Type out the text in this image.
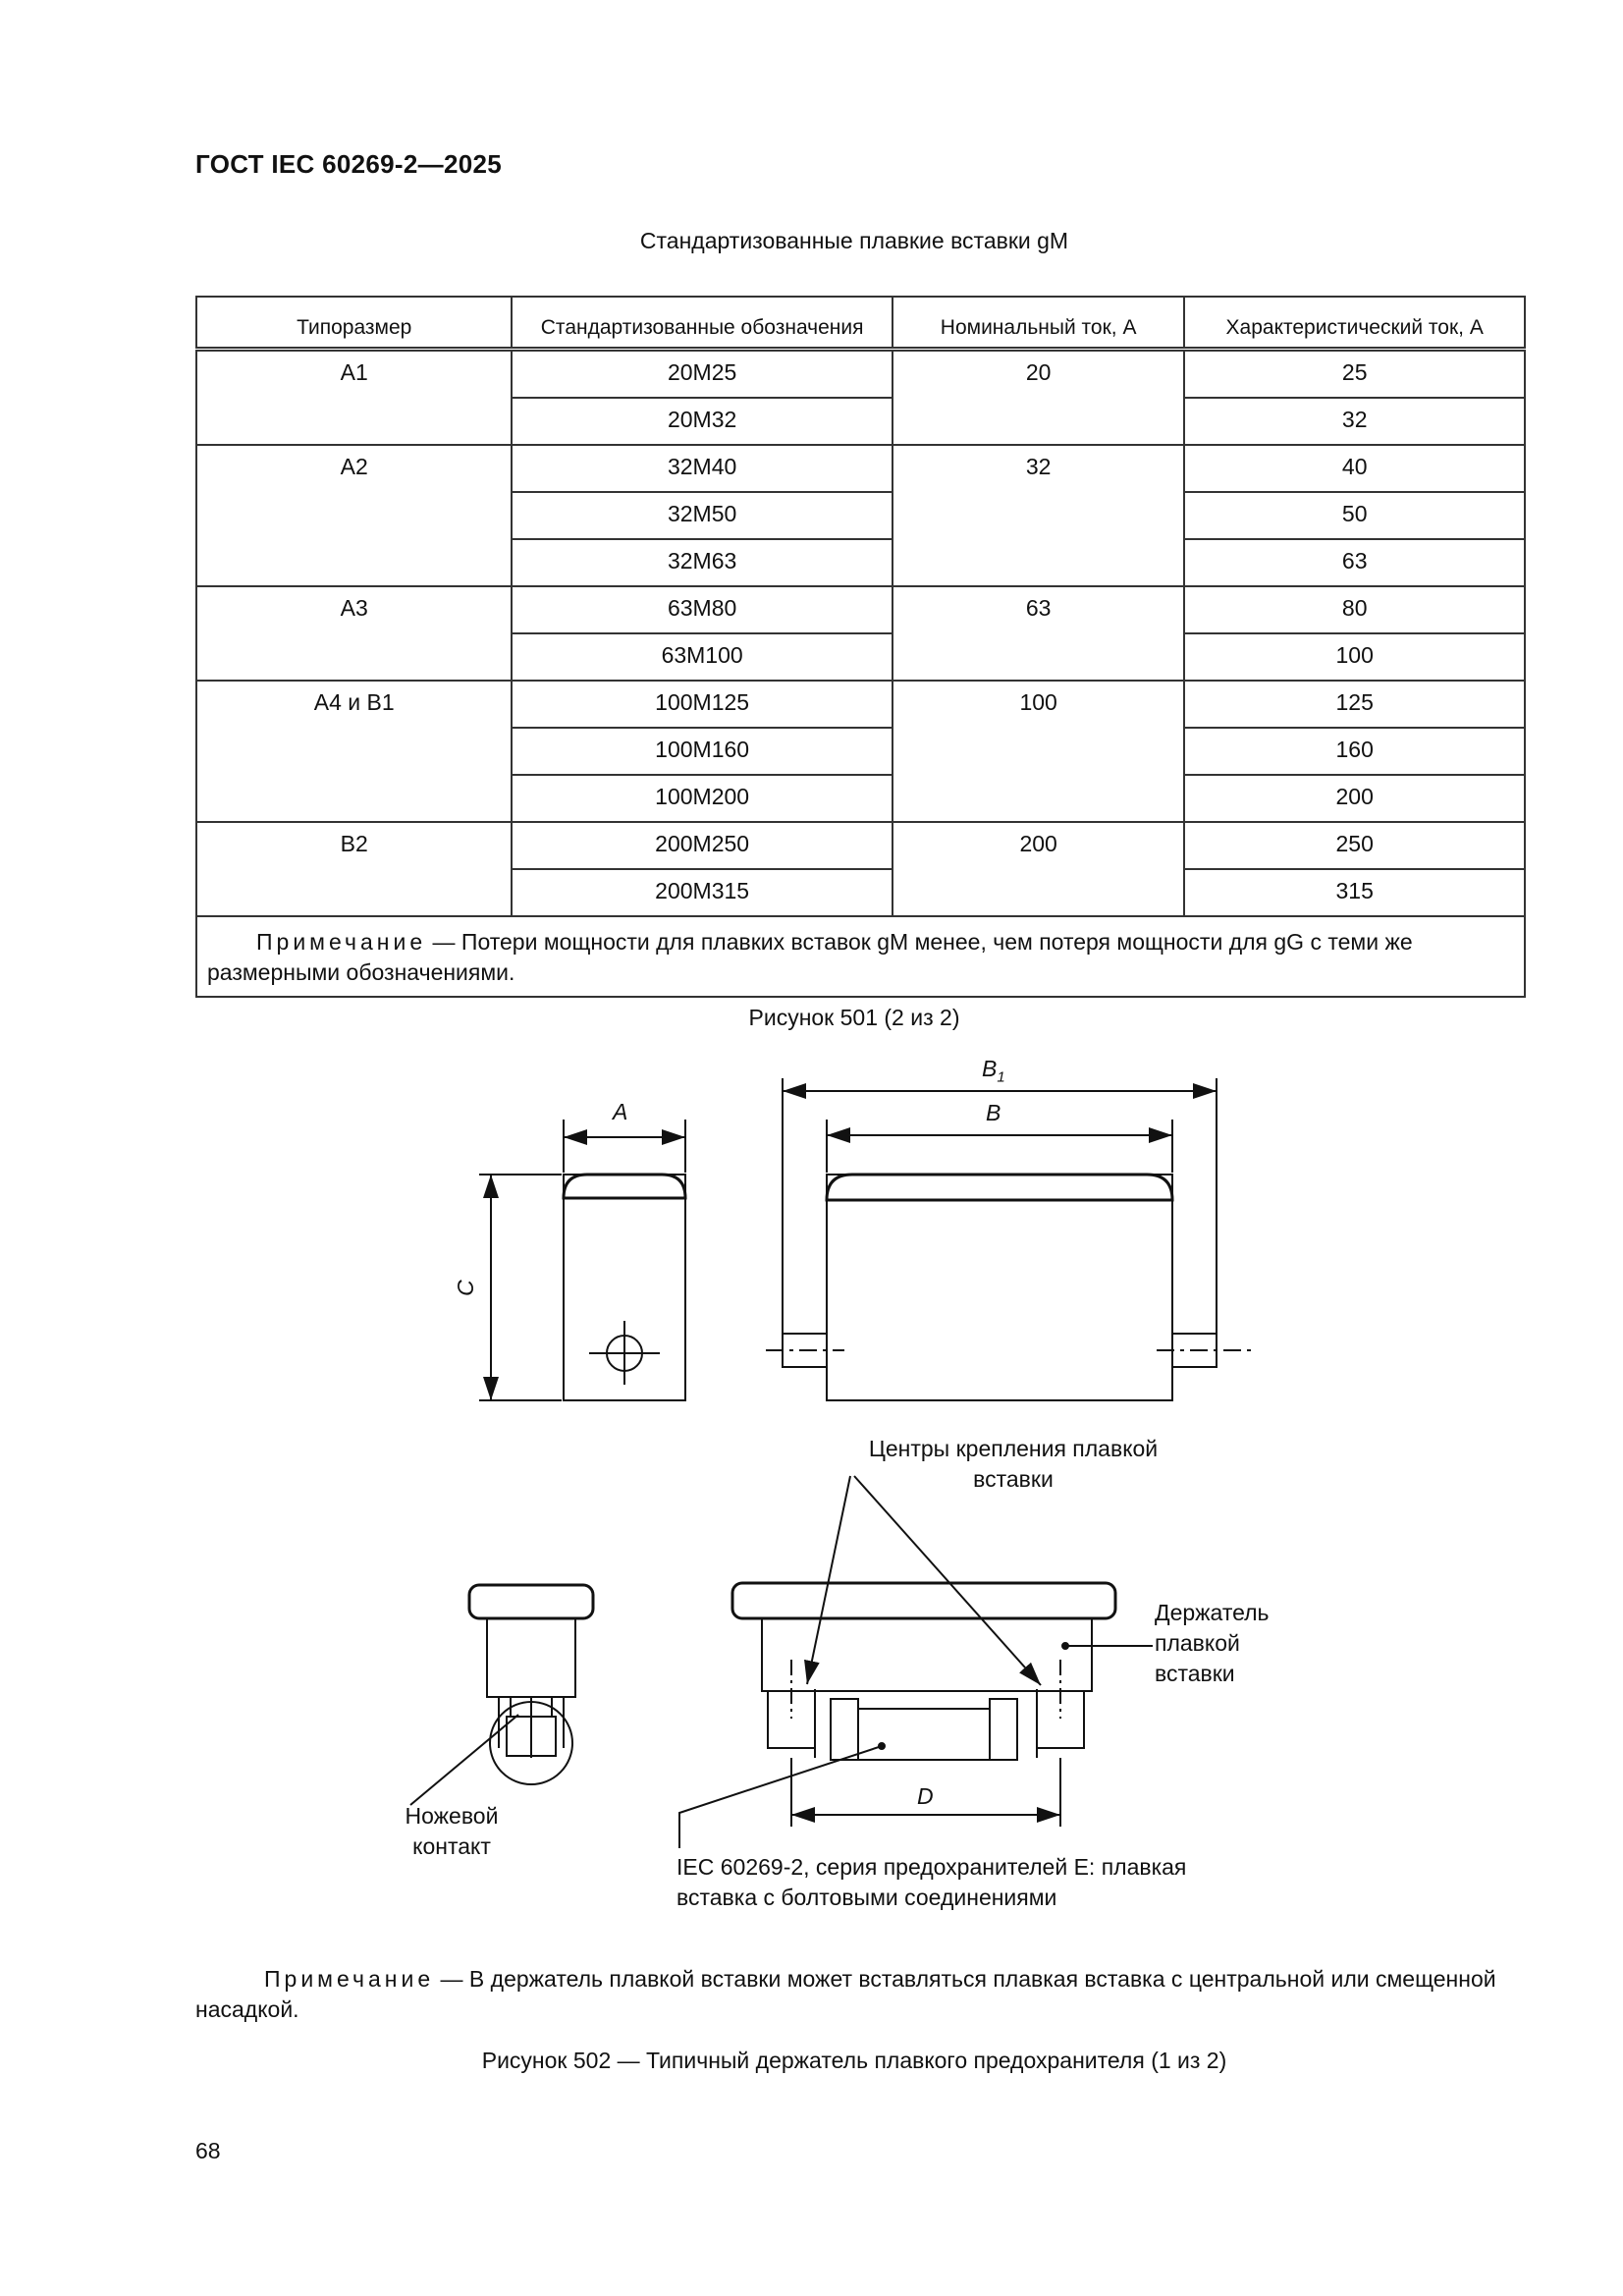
ГОСТ IEC 60269-2—2025
Стандартизованные плавкие вставки gM
Типоразмер	Стандартизованные обозначения	Номинальный ток, А	Характеристический ток, А
A1	20M25	20	25
	20M32		32
A2	32M40	32	40
	32M50		50
	32M63		63
A3	63M80	63	80
	63M100		100
A4 и B1	100M125	100	125
	100M160		160
	100M200		200
B2	200M250	200	250
	200M315		315
Примечание — Потери мощности для плавких вставок gM менее, чем потеря мощности для gG с теми же размерными обозначениями.			
Рисунок 501 (2 из 2)
A	B
$B_1$
C
Центры крепления плавкой вставки
Держатель плавкой вставки
Ножевой контакт
IEC 60269-2, серия предохранителей E: плавкая вставка с болтовыми соединениями
D
Примечание — В держатель плавкой вставки может вставляться плавкая вставка с центральной или смещенной насадкой.
Рисунок 502 — Типичный держатель плавкого предохранителя (1 из 2)
68
